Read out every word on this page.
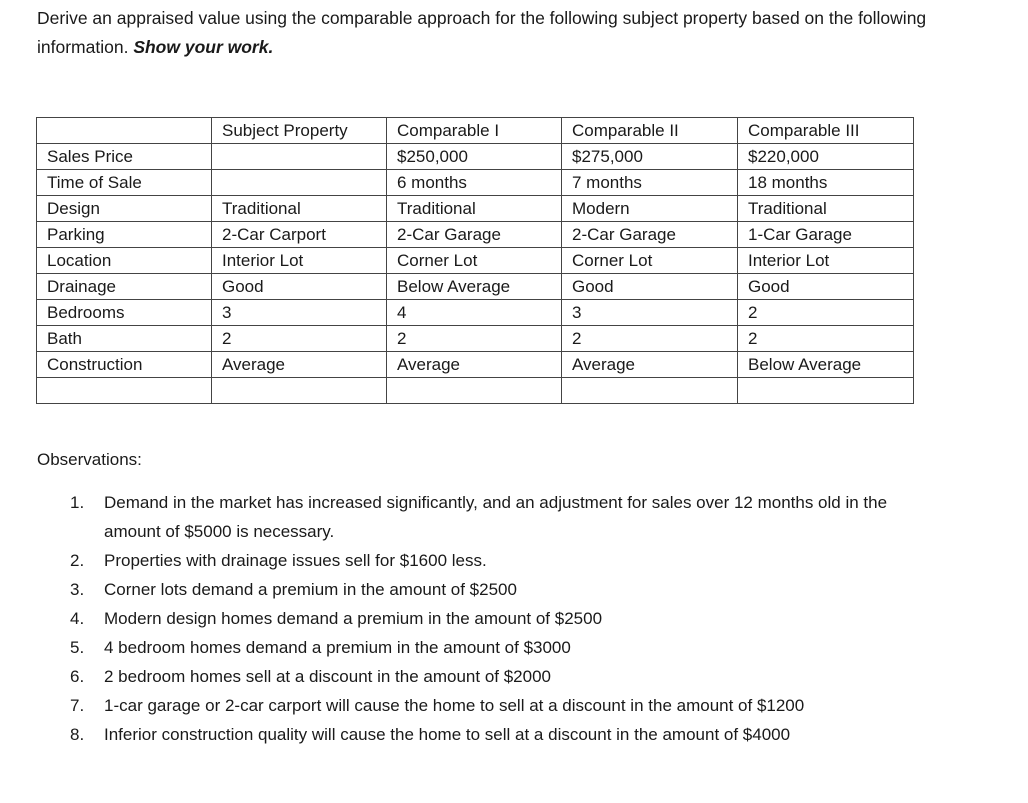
Derive an appraised value using the comparable approach for the following subject property based on the following information. Show your work.
	Subject Property	Comparable I	Comparable II	Comparable III
Sales Price		$250,000	$275,000	$220,000
Time of Sale		6 months	7 months	18 months
Design	Traditional	Traditional	Modern	Traditional
Parking	2-Car Carport	2-Car Garage	2-Car Garage	1-Car Garage
Location	Interior Lot	Corner Lot	Corner Lot	Interior Lot
Drainage	Good	Below Average	Good	Good
Bedrooms	3	4	3	2
Bath	2	2	2	2
Construction	Average	Average	Average	Below Average

Observations:
1. Demand in the market has increased significantly, and an adjustment for sales over 12 months old in the amount of $5000 is necessary.
2. Properties with drainage issues sell for $1600 less.
3. Corner lots demand a premium in the amount of $2500
4. Modern design homes demand a premium in the amount of $2500
5. 4 bedroom homes demand a premium in the amount of $3000
6. 2 bedroom homes sell at a discount in the amount of $2000
7. 1-car garage or 2-car carport will cause the home to sell at a discount in the amount of $1200
8. Inferior construction quality will cause the home to sell at a discount in the amount of $4000
